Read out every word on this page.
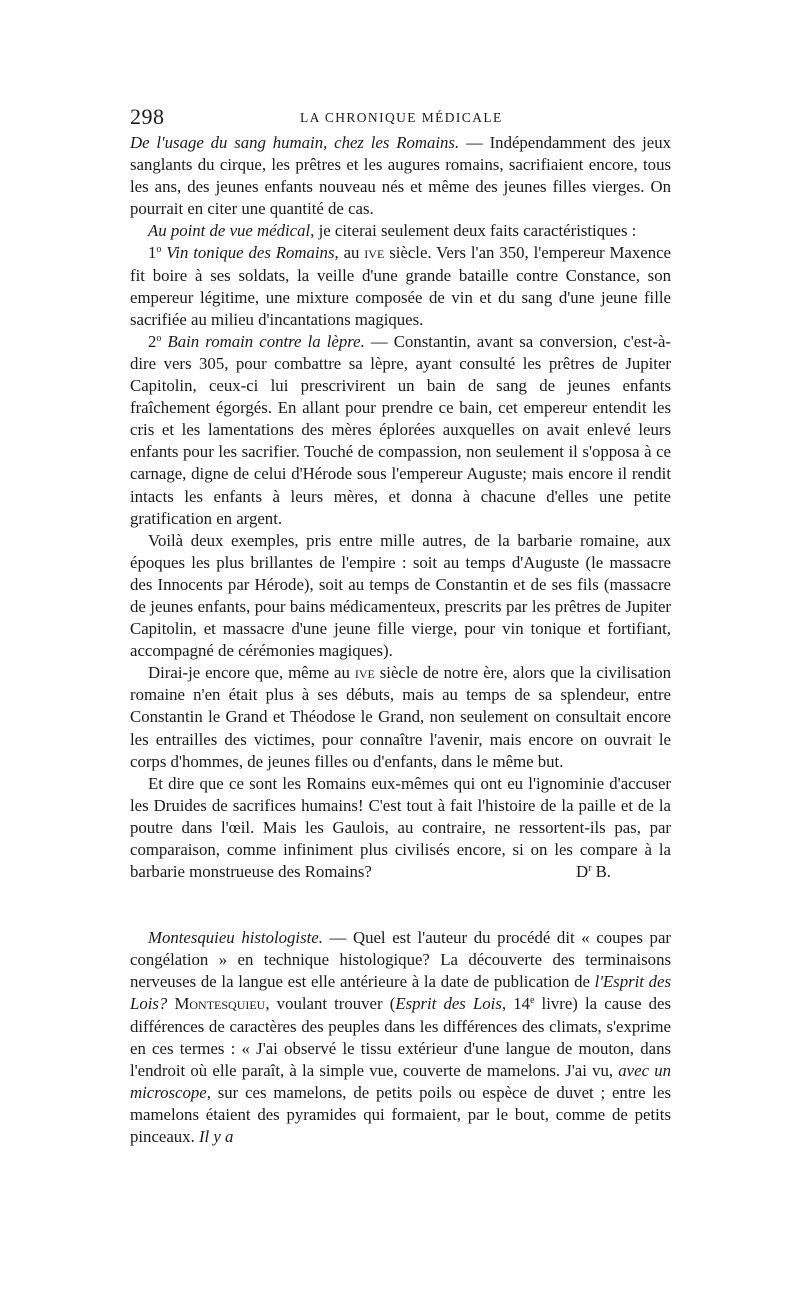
298	LA CHRONIQUE MÉDICALE

De l'usage du sang humain, chez les Romains. — Indépendamment des jeux sanglants du cirque, les prêtres et les augures romains, sacrifiaient encore, tous les ans, des jeunes enfants nouveau nés et même des jeunes filles vierges. On pourrait en citer une quantité de cas.

Au point de vue médical, je citerai seulement deux faits caractéristiques :

1$^o$ Vin tonique des Romains, au ive siècle. Vers l'an 350, l'empereur Maxence fit boire à ses soldats, la veille d'une grande bataille contre Constance, son empereur légitime, une mixture composée de vin et du sang d'une jeune fille sacrifiée au milieu d'incantations magiques.

2$^o$ Bain romain contre la lèpre. — Constantin, avant sa conversion, c'est-à-dire vers 305, pour combattre sa lèpre, ayant consulté les prêtres de Jupiter Capitolin, ceux-ci lui prescrivirent un bain de sang de jeunes enfants fraîchement égorgés. En allant pour prendre ce bain, cet empereur entendit les cris et les lamentations des mères éplorées auxquelles on avait enlevé leurs enfants pour les sacrifier. Touché de compassion, non seulement il s'opposa à ce carnage, digne de celui d'Hérode sous l'empereur Auguste; mais encore il rendit intacts les enfants à leurs mères, et donna à chacune d'elles une petite gratification en argent.

Voilà deux exemples, pris entre mille autres, de la barbarie romaine, aux époques les plus brillantes de l'empire : soit au temps d'Auguste (le massacre des Innocents par Hérode), soit au temps de Constantin et de ses fils (massacre de jeunes enfants, pour bains médicamenteux, prescrits par les prêtres de Jupiter Capitolin, et massacre d'une jeune fille vierge, pour vin tonique et fortifiant, accompagné de cérémonies magiques).

Dirai-je encore que, même au ive siècle de notre ère, alors que la civilisation romaine n'en était plus à ses débuts, mais au temps de sa splendeur, entre Constantin le Grand et Théodose le Grand, non seulement on consultait encore les entrailles des victimes, pour connaître l'avenir, mais encore on ouvrait le corps d'hommes, de jeunes filles ou d'enfants, dans le même but.

Et dire que ce sont les Romains eux-mêmes qui ont eu l'ignominie d'accuser les Druides de sacrifices humains! C'est tout à fait l'histoire de la paille et de la poutre dans l'œil. Mais les Gaulois, au contraire, ne ressortent-ils pas, par comparaison, comme infiniment plus civilisés encore, si on les compare à la barbarie monstrueuse des Romains?	$D^r$ B.

Montesquieu histologiste. — Quel est l'auteur du procédé dit « coupes par congélation » en technique histologique? La découverte des terminaisons nerveuses de la langue est elle antérieure à la date de publication de l'Esprit des Lois? Montesquieu, voulant trouver (Esprit des Lois, 14e livre) la cause des différences de caractères des peuples dans les différences des climats, s'exprime en ces termes : « J'ai observé le tissu extérieur d'une langue de mouton, dans l'endroit où elle paraît, à la simple vue, couverte de mamelons. J'ai vu, avec un microscope, sur ces mamelons, de petits poils ou espèce de duvet ; entre les mamelons étaient des pyramides qui formaient, par le bout, comme de petits pinceaux. Il y a
